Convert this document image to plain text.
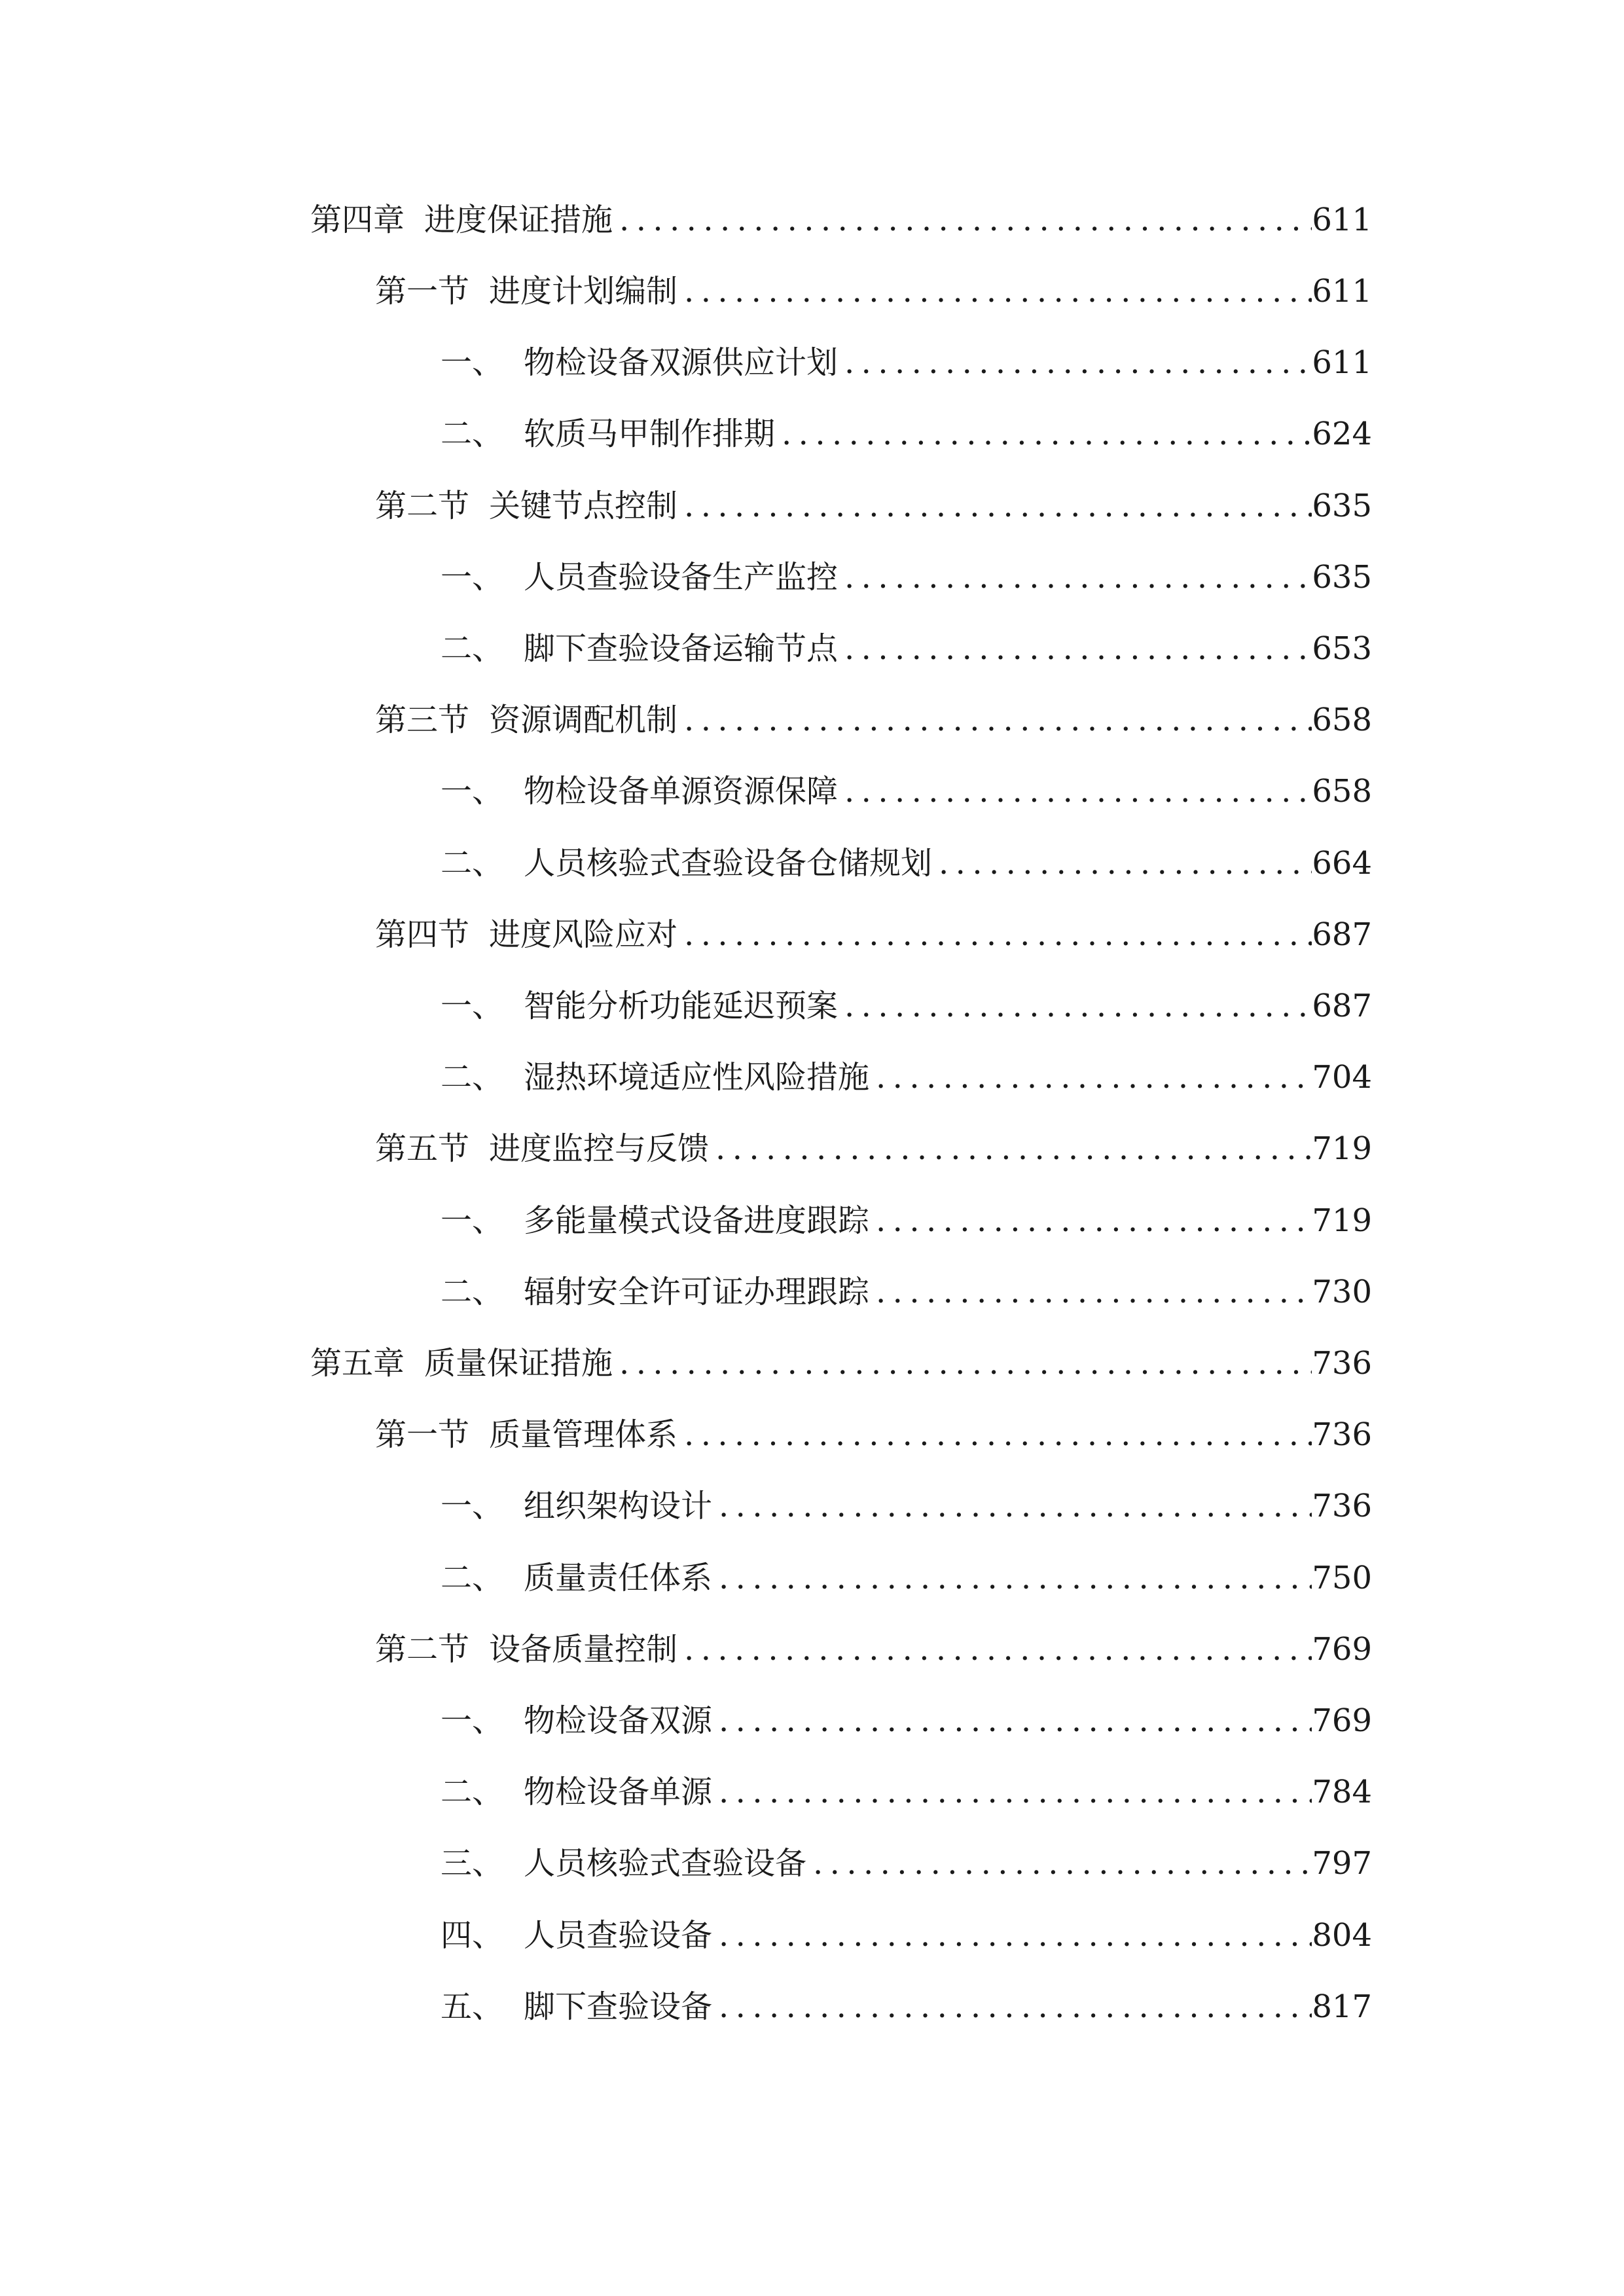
第四章 进度保证措施 .....	611
第一节 进度计划编制 .....	611
一、 物检设备双源供应计划 .....	611
二、 软质马甲制作排期 .....	624
第二节 关键节点控制 .....	635
一、 人员查验设备生产监控 .....	635
二、 脚下查验设备运输节点 .....	653
第三节 资源调配机制 .....	658
一、 物检设备单源资源保障 .....	658
二、 人员核验式查验设备仓储规划 .....	664
第四节 进度风险应对 .....	687
一、 智能分析功能延迟预案 .....	687
二、 湿热环境适应性风险措施 .....	704
第五节 进度监控与反馈 .....	719
一、 多能量模式设备进度跟踪 .....	719
二、 辐射安全许可证办理跟踪 .....	730
第五章 质量保证措施 .....	736
第一节 质量管理体系 .....	736
一、 组织架构设计 .....	736
二、 质量责任体系 .....	750
第二节 设备质量控制 .....	769
一、 物检设备双源 .....	769
二、 物检设备单源 .....	784
三、 人员核验式查验设备 .....	797
四、 人员查验设备 .....	804
五、 脚下查验设备 .....	817
